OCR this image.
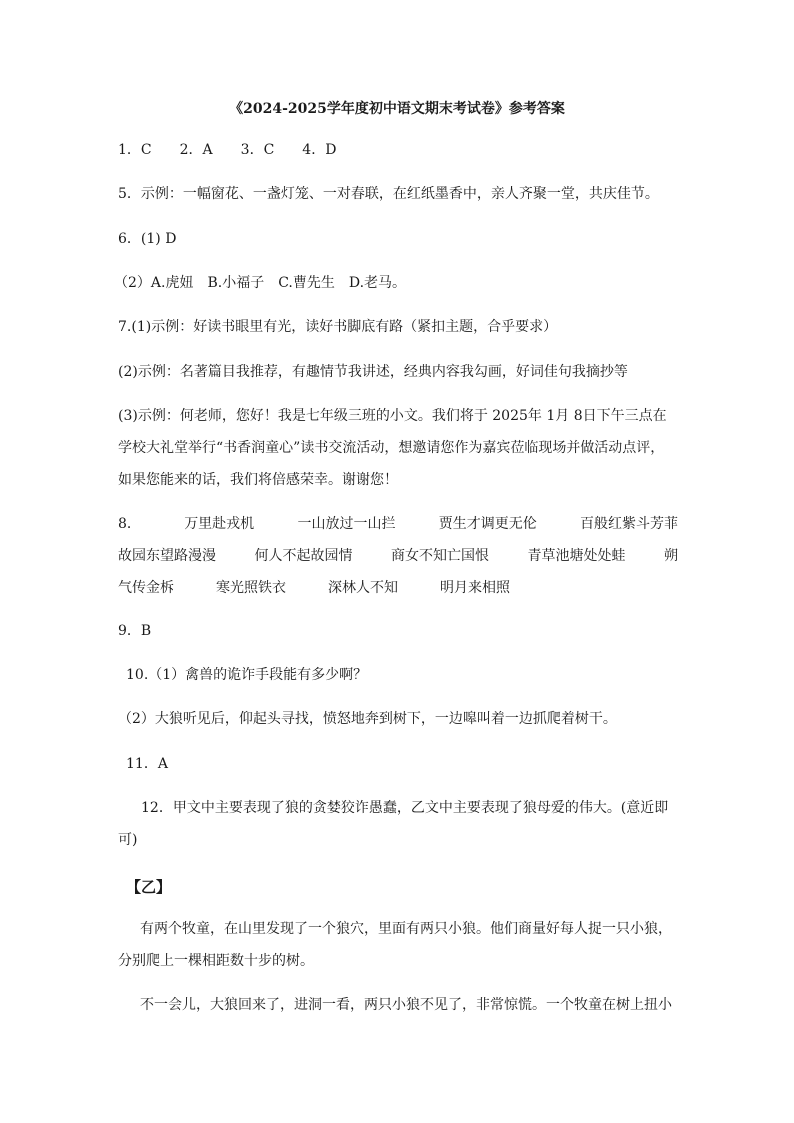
《2024-2025学年度初中语文期末考试卷》参考答案
1．C 2．A 3．C 4．D
5．示例：一幅窗花、一盏灯笼、一对春联，在红纸墨香中，亲人齐聚一堂，共庆佳节。
6．(1) D
（2）A.虎妞　B.小福子　C.曹先生　D.老马。
7.(1)示例：好读书眼里有光，读好书脚底有路（紧扣主题，合乎要求）
(2)示例：名著篇目我推荐，有趣情节我讲述，经典内容我勾画，好词佳句我摘抄等
(3)示例：何老师，您好！我是七年级三班的小文。我们将于 2025年 1月 8日下午三点在
学校大礼堂举行“书香润童心”读书交流活动，想邀请您作为嘉宾莅临现场并做活动点评，
如果您能来的话，我们将倍感荣幸。谢谢您！
8．	万里赴戎机	一山放过一山拦	贾生才调更无伦	百般红紫斗芳菲
故园东望路漫漫	何人不起故园情	商女不知亡国恨	青草池塘处处蛙	朔
气传金柝	寒光照铁衣	深林人不知	明月来相照
9．B
10.（1）禽兽的诡诈手段能有多少啊？
（2）大狼听见后，仰起头寻找，愤怒地奔到树下，一边嗥叫着一边抓爬着树干。
11．A
12．甲文中主要表现了狼的贪婪狡诈愚蠢，乙文中主要表现了狼母爱的伟大。(意近即
可)
【乙】
有两个牧童，在山里发现了一个狼穴，里面有两只小狼。他们商量好每人捉一只小狼，
分别爬上一棵相距数十步的树。
不一会儿，大狼回来了，进洞一看，两只小狼不见了，非常惊慌。一个牧童在树上扭小
